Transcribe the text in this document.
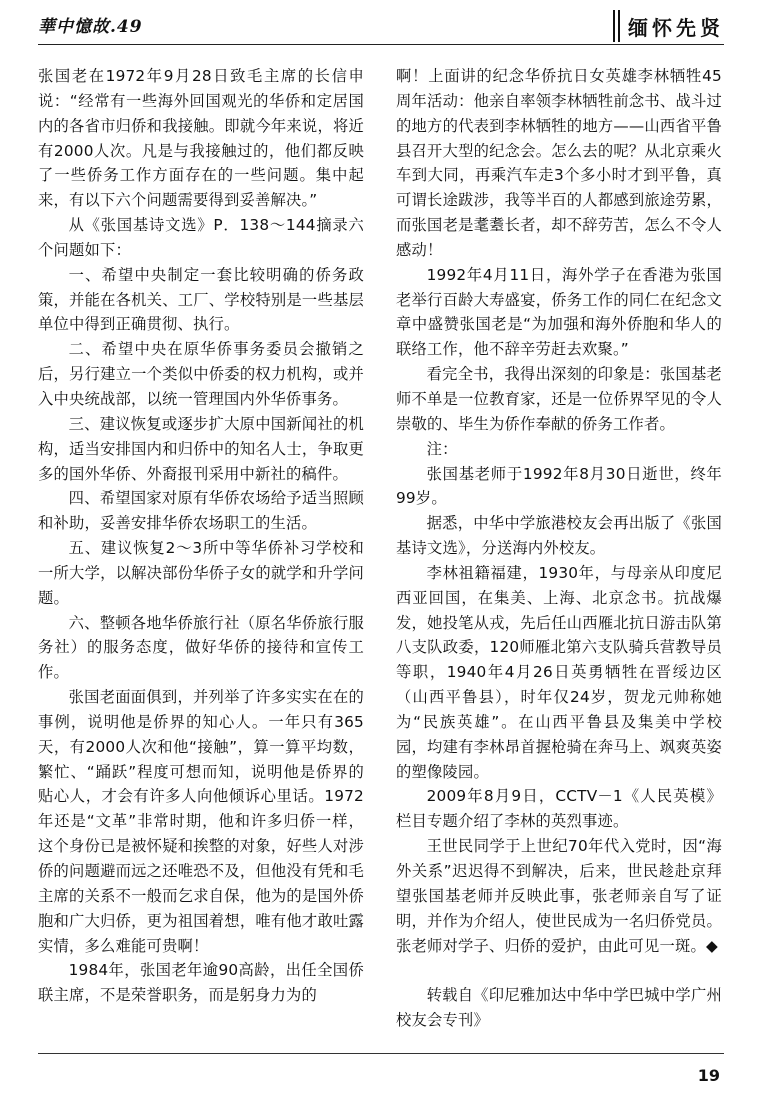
華中憶故.49	缅怀先贤

张国老在1972年9月28日致毛主席的长信申说：“经常有一些海外回国观光的华侨和定居国内的各省市归侨和我接触。即就今年来说，将近有2000人次。凡是与我接触过的，他们都反映了一些侨务工作方面存在的一些问题。集中起来，有以下六个问题需要得到妥善解决。”

从《张国基诗文选》P．138～144摘录六个问题如下：

一、希望中央制定一套比较明确的侨务政策，并能在各机关、工厂、学校特别是一些基层单位中得到正确贯彻、执行。

二、希望中央在原华侨事务委员会撤销之后，另行建立一个类似中侨委的权力机构，或并入中央统战部，以统一管理国内外华侨事务。

三、建议恢复或逐步扩大原中国新闻社的机构，适当安排国内和归侨中的知名人士，争取更多的国外华侨、外裔报刊采用中新社的稿件。

四、希望国家对原有华侨农场给予适当照顾和补助，妥善安排华侨农场职工的生活。

五、建议恢复2～3所中等华侨补习学校和一所大学，以解决部份华侨子女的就学和升学问题。

六、整顿各地华侨旅行社（原名华侨旅行服务社）的服务态度，做好华侨的接待和宣传工作。

张国老面面俱到，并列举了许多实实在在的事例，说明他是侨界的知心人。一年只有365天，有2000人次和他“接触”，算一算平均数，繁忙、“踊跃”程度可想而知，说明他是侨界的贴心人，才会有许多人向他倾诉心里话。1972年还是“文革”非常时期，他和许多归侨一样，这个身份已是被怀疑和挨整的对象，好些人对涉侨的问题避而远之还唯恐不及，但他没有凭和毛主席的关系不一般而乞求自保，他为的是国外侨胞和广大归侨，更为祖国着想，唯有他才敢吐露实情，多么难能可贵啊！

1984年，张国老年逾90高龄，出任全国侨联主席，不是荣誉职务，而是躬身力为的

啊！上面讲的纪念华侨抗日女英雄李林牺牲45周年活动：他亲自率领李林牺牲前念书、战斗过的地方的代表到李林牺牲的地方——山西省平鲁县召开大型的纪念会。怎么去的呢？从北京乘火车到大同，再乘汽车走3个多小时才到平鲁，真可谓长途跋涉，我等半百的人都感到旅途劳累，而张国老是耄耋长者，却不辞劳苦，怎么不令人感动！

1992年4月11日，海外学子在香港为张国老举行百龄大寿盛宴，侨务工作的同仁在纪念文章中盛赞张国老是“为加强和海外侨胞和华人的联络工作，他不辞辛劳赶去欢聚。”

看完全书，我得出深刻的印象是：张国基老师不单是一位教育家，还是一位侨界罕见的令人崇敬的、毕生为侨作奉献的侨务工作者。

注：

张国基老师于1992年8月30日逝世，终年99岁。

据悉，中华中学旅港校友会再出版了《张国基诗文选》，分送海内外校友。

李林祖籍福建，1930年，与母亲从印度尼西亚回国，在集美、上海、北京念书。抗战爆发，她投笔从戎，先后任山西雁北抗日游击队第八支队政委，120师雁北第六支队骑兵营教导员等职，1940年4月26日英勇牺牲在晋绥边区（山西平鲁县），时年仅24岁，贺龙元帅称她为“民族英雄”。在山西平鲁县及集美中学校园，均建有李林昂首握枪骑在奔马上、飒爽英姿的塑像陵园。

2009年8月9日，CCTV－1《人民英模》栏目专题介绍了李林的英烈事迹。

王世民同学于上世纪70年代入党时，因“海外关系”迟迟得不到解决，后来，世民趁赴京拜望张国基老师并反映此事，张老师亲自写了证明，并作为介绍人，使世民成为一名归侨党员。张老师对学子、归侨的爱护，由此可见一斑。◆

转载自《印尼雅加达中华中学巴城中学广州校友会专刊》

19
